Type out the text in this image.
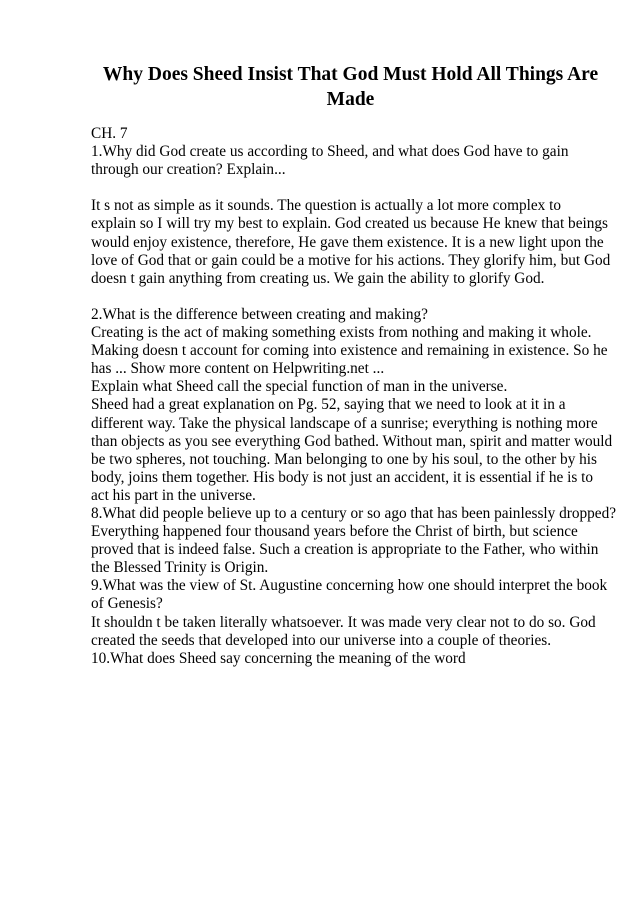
Why Does Sheed Insist That God Must Hold All Things Are
Made
CH. 7
1.Why did God create us according to Sheed, and what does God have to gain
through our creation? Explain...
It s not as simple as it sounds. The question is actually a lot more complex to
explain so I will try my best to explain. God created us because He knew that beings
would enjoy existence, therefore, He gave them existence. It is a new light upon the
love of God that or gain could be a motive for his actions. They glorify him, but God
doesn t gain anything from creating us. We gain the ability to glorify God.
2.What is the difference between creating and making?
Creating is the act of making something exists from nothing and making it whole.
Making doesn t account for coming into existence and remaining in existence. So he
has ... Show more content on Helpwriting.net ...
Explain what Sheed call the special function of man in the universe.
Sheed had a great explanation on Pg. 52, saying that we need to look at it in a
different way. Take the physical landscape of a sunrise; everything is nothing more
than objects as you see everything God bathed. Without man, spirit and matter would
be two spheres, not touching. Man belonging to one by his soul, to the other by his
body, joins them together. His body is not just an accident, it is essential if he is to
act his part in the universe.
8.What did people believe up to a century or so ago that has been painlessly dropped?
Everything happened four thousand years before the Christ of birth, but science
proved that is indeed false. Such a creation is appropriate to the Father, who within
the Blessed Trinity is Origin.
9.What was the view of St. Augustine concerning how one should interpret the book
of Genesis?
It shouldn t be taken literally whatsoever. It was made very clear not to do so. God
created the seeds that developed into our universe into a couple of theories.
10.What does Sheed say concerning the meaning of the word
